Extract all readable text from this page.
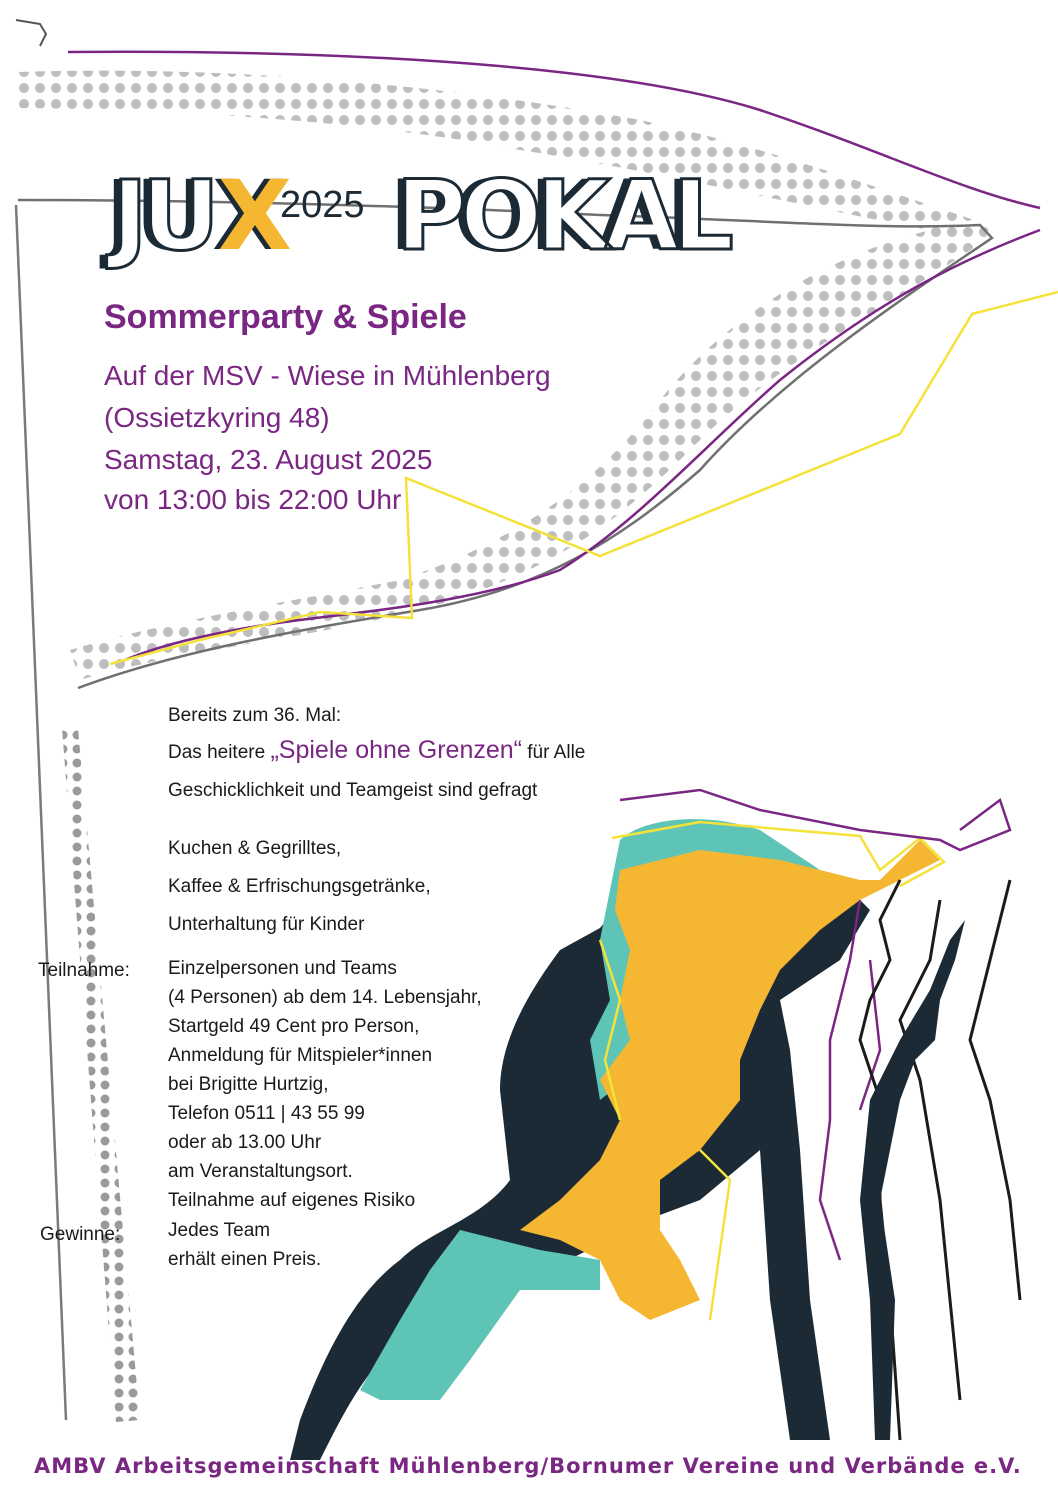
JU X
2025 POKAL
Sommerparty & Spiele
Auf der MSV - Wiese in Mühlenberg
(Ossietzkyring 48)
Samstag, 23. August 2025
von 13:00 bis 22:00 Uhr
Bereits zum 36. Mal:
Das heitere „Spiele ohne Grenzen“ für Alle
Geschicklichkeit und Teamgeist sind gefragt
Kuchen & Gegrilltes,
Kaffee & Erfrischungsgetränke,
Unterhaltung für Kinder
Teilnahme: Einzelpersonen und Teams
(4 Personen) ab dem 14. Lebensjahr,
Startgeld 49 Cent pro Person,
Anmeldung für Mitspieler*innen
bei Brigitte Hurtzig,
Telefon 0511 | 43 55 99
oder ab 13.00 Uhr
am Veranstaltungsort.
Teilnahme auf eigenes Risiko
Gewinne:	Jedes Team
erhält einen Preis.
AMBV Arbeitsgemeinschaft Mühlenberg/Bornumer Vereine und Verbände e.V.
